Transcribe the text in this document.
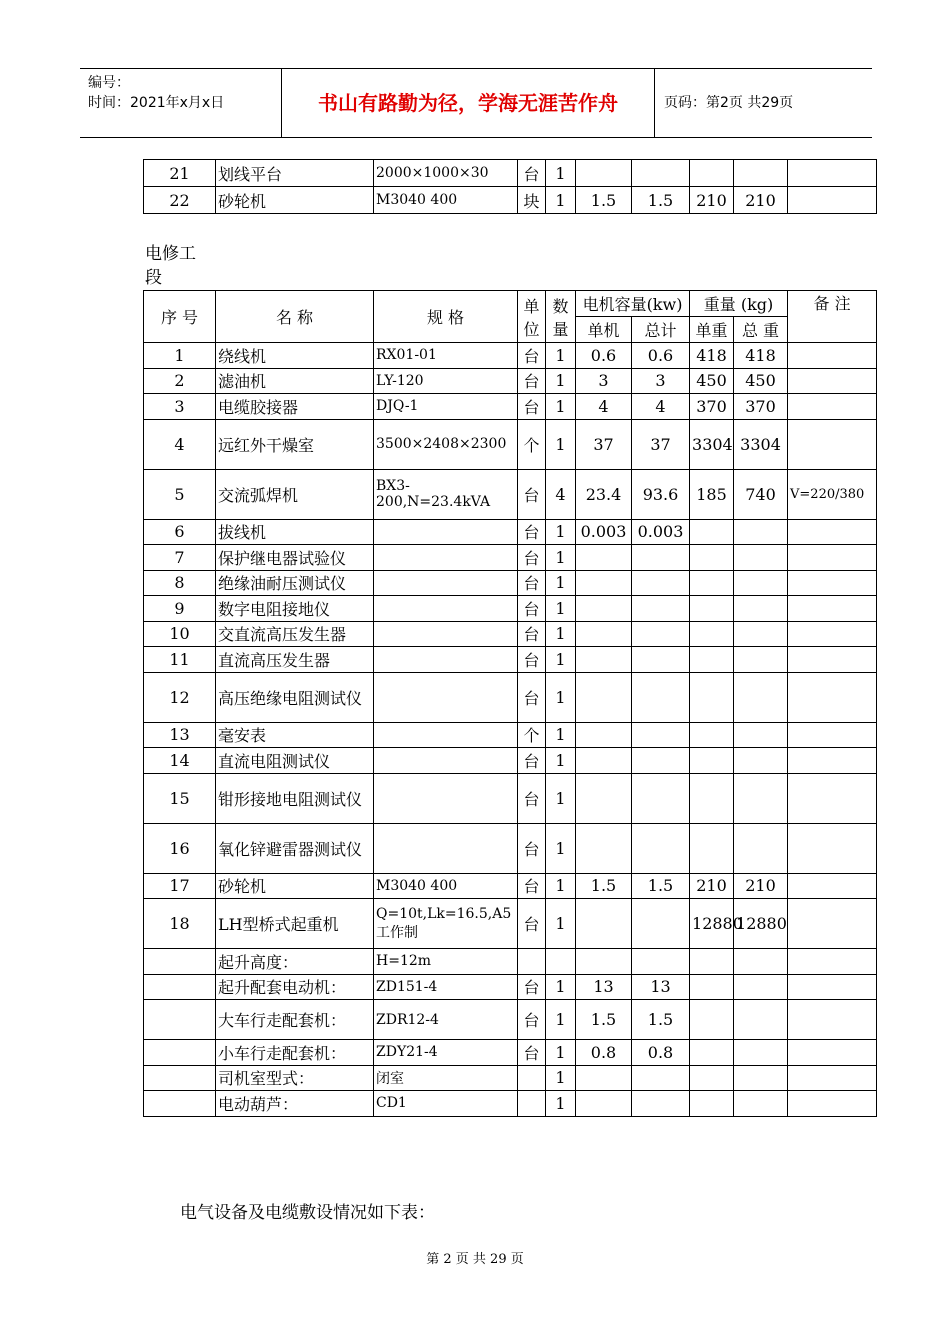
编号：
时间：2021年x月x日	书山有路勤为径，学海无涯苦作舟	页码：第2页 共29页
21	划线平台	2000×1000×30	台	1					
22	砂轮机	M3040 400	块	1	1.5	1.5	210	210	
电修工段
序 号	名 称	规 格	单位	数量	电机容量(kw)		重量 (kg)		备 注
					单机	总计	单重	总 重	
1	绕线机	RX01-01	台	1	0.6	0.6	418	418	
2	滤油机	LY-120	台	1	3	3	450	450	
3	电缆胶接器	DJQ-1	台	1	4	4	370	370	
4	远红外干燥室	3500×2408×2300	个	1	37	37	3304	3304	
5	交流弧焊机	BX3-200,N=23.4kVA	台	4	23.4	93.6	185	740	V=220/380
6	拔线机		台	1	0.003	0.003			
7	保护继电器试验仪		台	1					
8	绝缘油耐压测试仪		台	1					
9	数字电阻接地仪		台	1					
10	交直流高压发生器		台	1					
11	直流高压发生器		台	1					
12	高压绝缘电阻测试仪		台	1					
13	毫安表		个	1					
14	直流电阻测试仪		台	1					
15	钳形接地电阻测试仪		台	1					
16	氧化锌避雷器测试仪		台	1					
17	砂轮机	M3040 400	台	1	1.5	1.5	210	210	
18	LH型桥式起重机	Q=10t,Lk=16.5,A5工作制	台	1			12880	12880	
	起升高度：	H=12m							
	起升配套电动机：	ZD151-4	台	1	13	13			
	大车行走配套机：	ZDR12-4	台	1	1.5	1.5			
	小车行走配套机：	ZDY21-4	台	1	0.8	0.8			
	司机室型式：	闭室		1					
	电动葫芦：	CD1		1					
电气设备及电缆敷设情况如下表：
第 2 页 共 29 页
